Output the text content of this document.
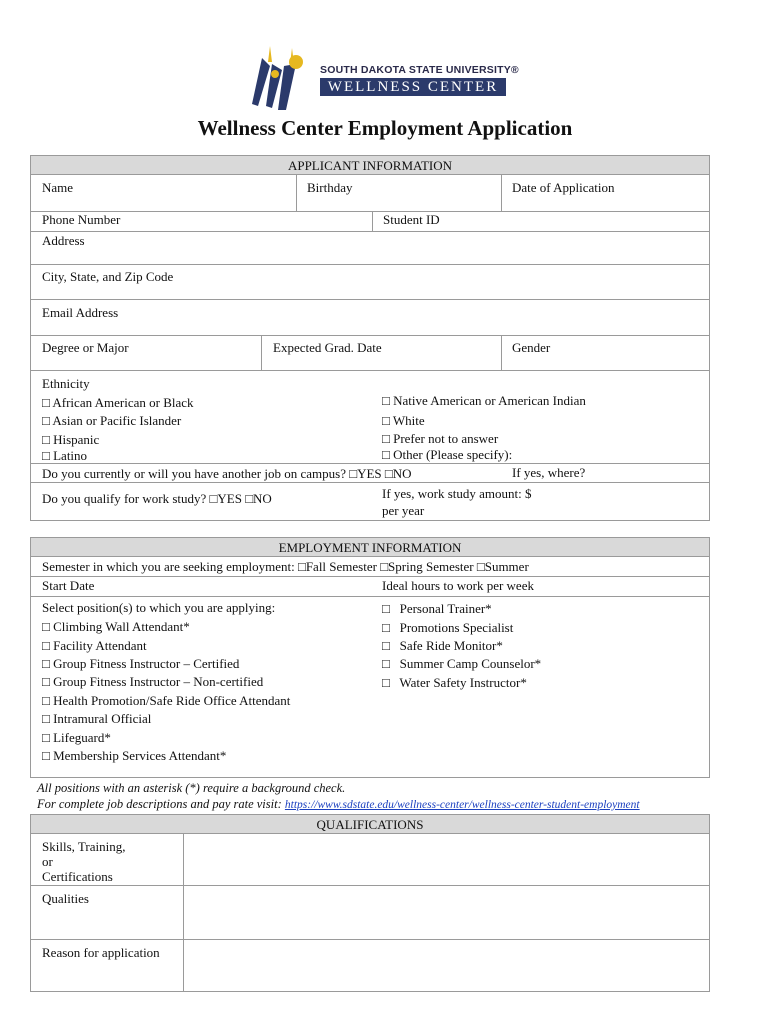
SOUTH DAKOTA STATE UNIVERSITY®
WELLNESS CENTER
Wellness Center Employment Application
APPLICANT INFORMATION
Name	Birthday	Date of Application
Phone Number	Student ID
Address
City, State, and Zip Code
Email Address
Degree or Major	Expected Grad. Date	Gender
Ethnicity
□ African American or Black
□ Asian or Pacific Islander
□ Hispanic
□ Latino
□ Native American or American Indian
□ White
□ Prefer not to answer
□ Other (Please specify):
Do you currently or will you have another job on campus? □YES □NO	If yes, where?
Do you qualify for work study? □YES □NO	If yes, work study amount: $
per year
EMPLOYMENT INFORMATION
Semester in which you are seeking employment: □Fall Semester □Spring Semester □Summer
Start Date	Ideal hours to work per week
Select position(s) to which you are applying:
□ Climbing Wall Attendant*
□ Facility Attendant
□ Group Fitness Instructor – Certified
□ Group Fitness Instructor – Non-certified
□ Health Promotion/Safe Ride Office Attendant
□ Intramural Official
□ Lifeguard*
□ Membership Services Attendant*
□   Personal Trainer*
□   Promotions Specialist
□   Safe Ride Monitor*
□   Summer Camp Counselor*
□   Water Safety Instructor*
All positions with an asterisk (*) require a background check.
For complete job descriptions and pay rate visit: https://www.sdstate.edu/wellness-center/wellness-center-student-employment
QUALIFICATIONS
Skills, Training,
or
Certifications
Qualities
Reason for application
